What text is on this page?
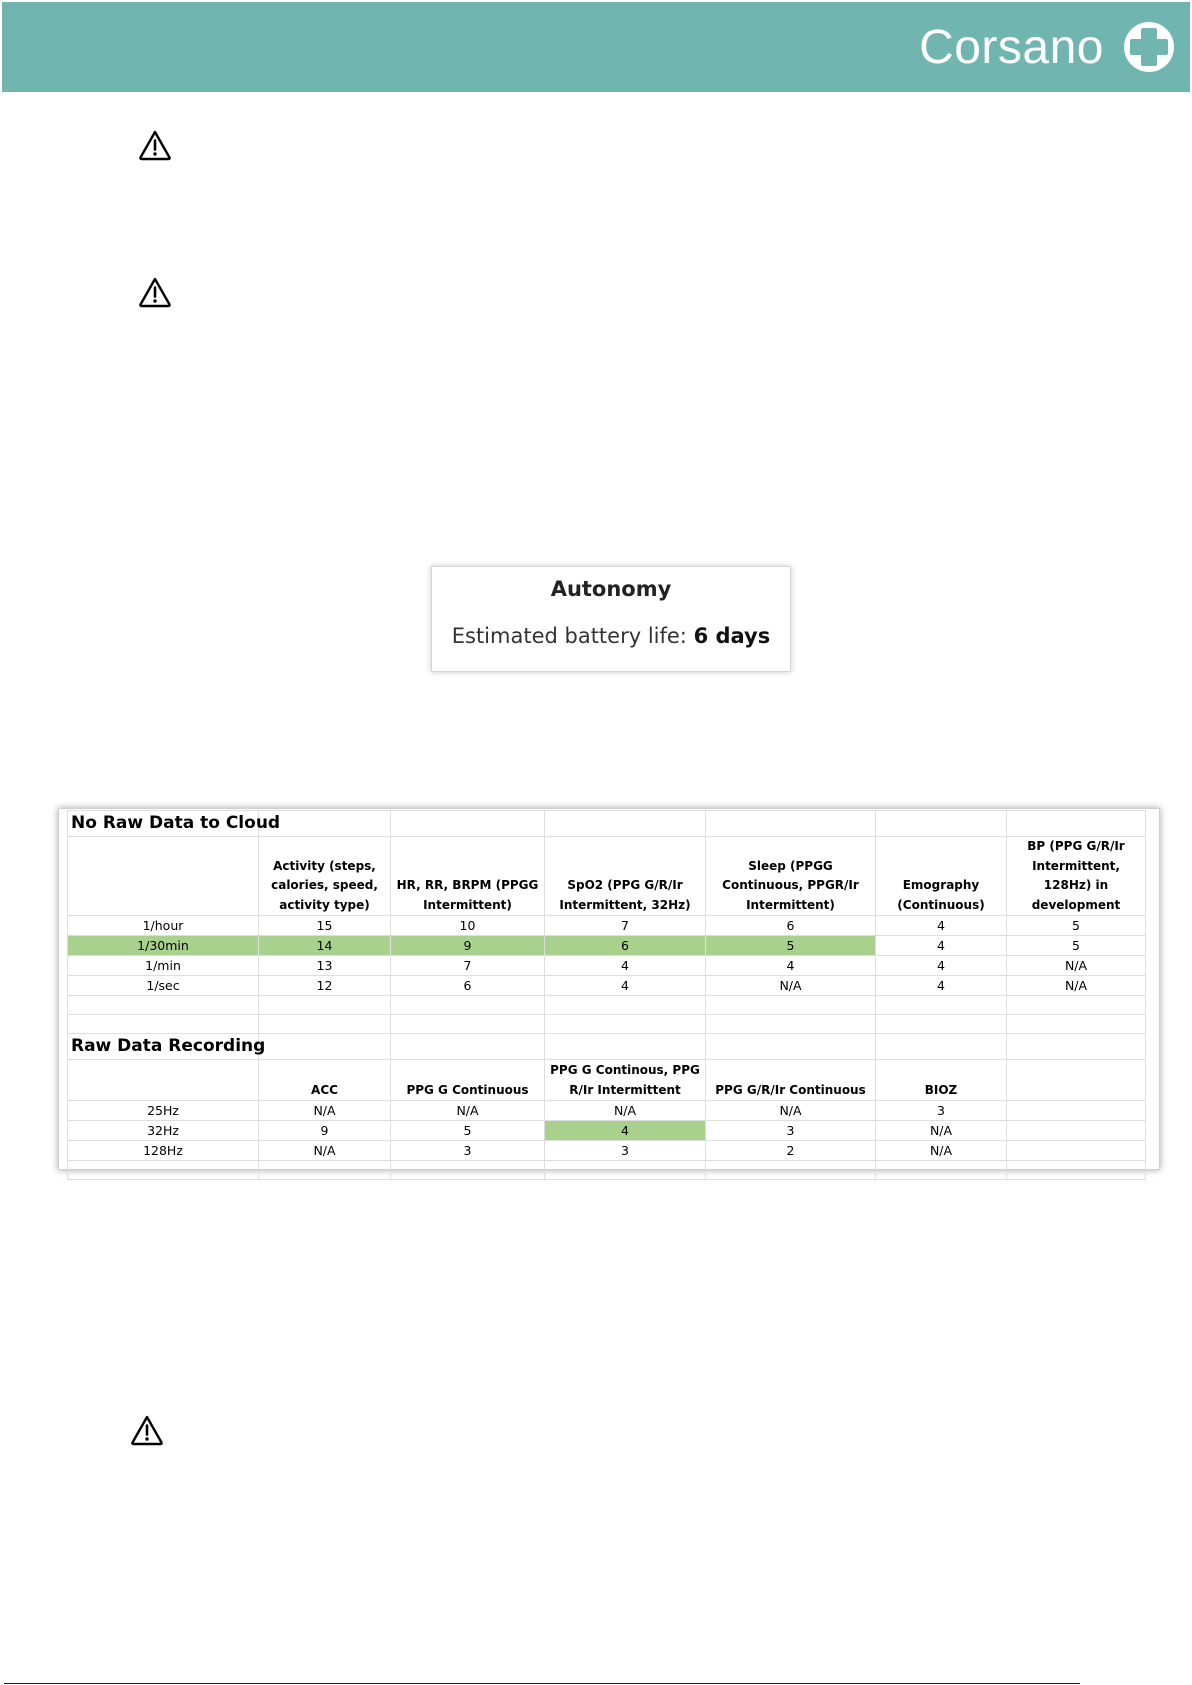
Corsano
Autonomy
Estimated battery life: 6 days
No Raw Data to Cloud						
	Activity (steps, calories, speed, activity type)	HR, RR, BRPM (PPGG Intermittent)	SpO2 (PPG G/R/Ir Intermittent, 32Hz)	Sleep (PPGG Continuous, PPGR/Ir Intermittent)	Emography (Continuous)	BP (PPG G/R/Ir Intermittent, 128Hz) in development
1/hour	15	10	7	6	4	5
1/30min	14	9	6	5	4	5
1/min	13	7	4	4	4	N/A
1/sec	12	6	4	N/A	4	N/A

Raw Data Recording						
	ACC	PPG G Continuous	PPG G Continous, PPG R/Ir Intermittent	PPG G/R/Ir Continuous	BIOZ	
25Hz	N/A	N/A	N/A	N/A	3	
32Hz	9	5	4	3	N/A	
128Hz	N/A	3	3	2	N/A	
